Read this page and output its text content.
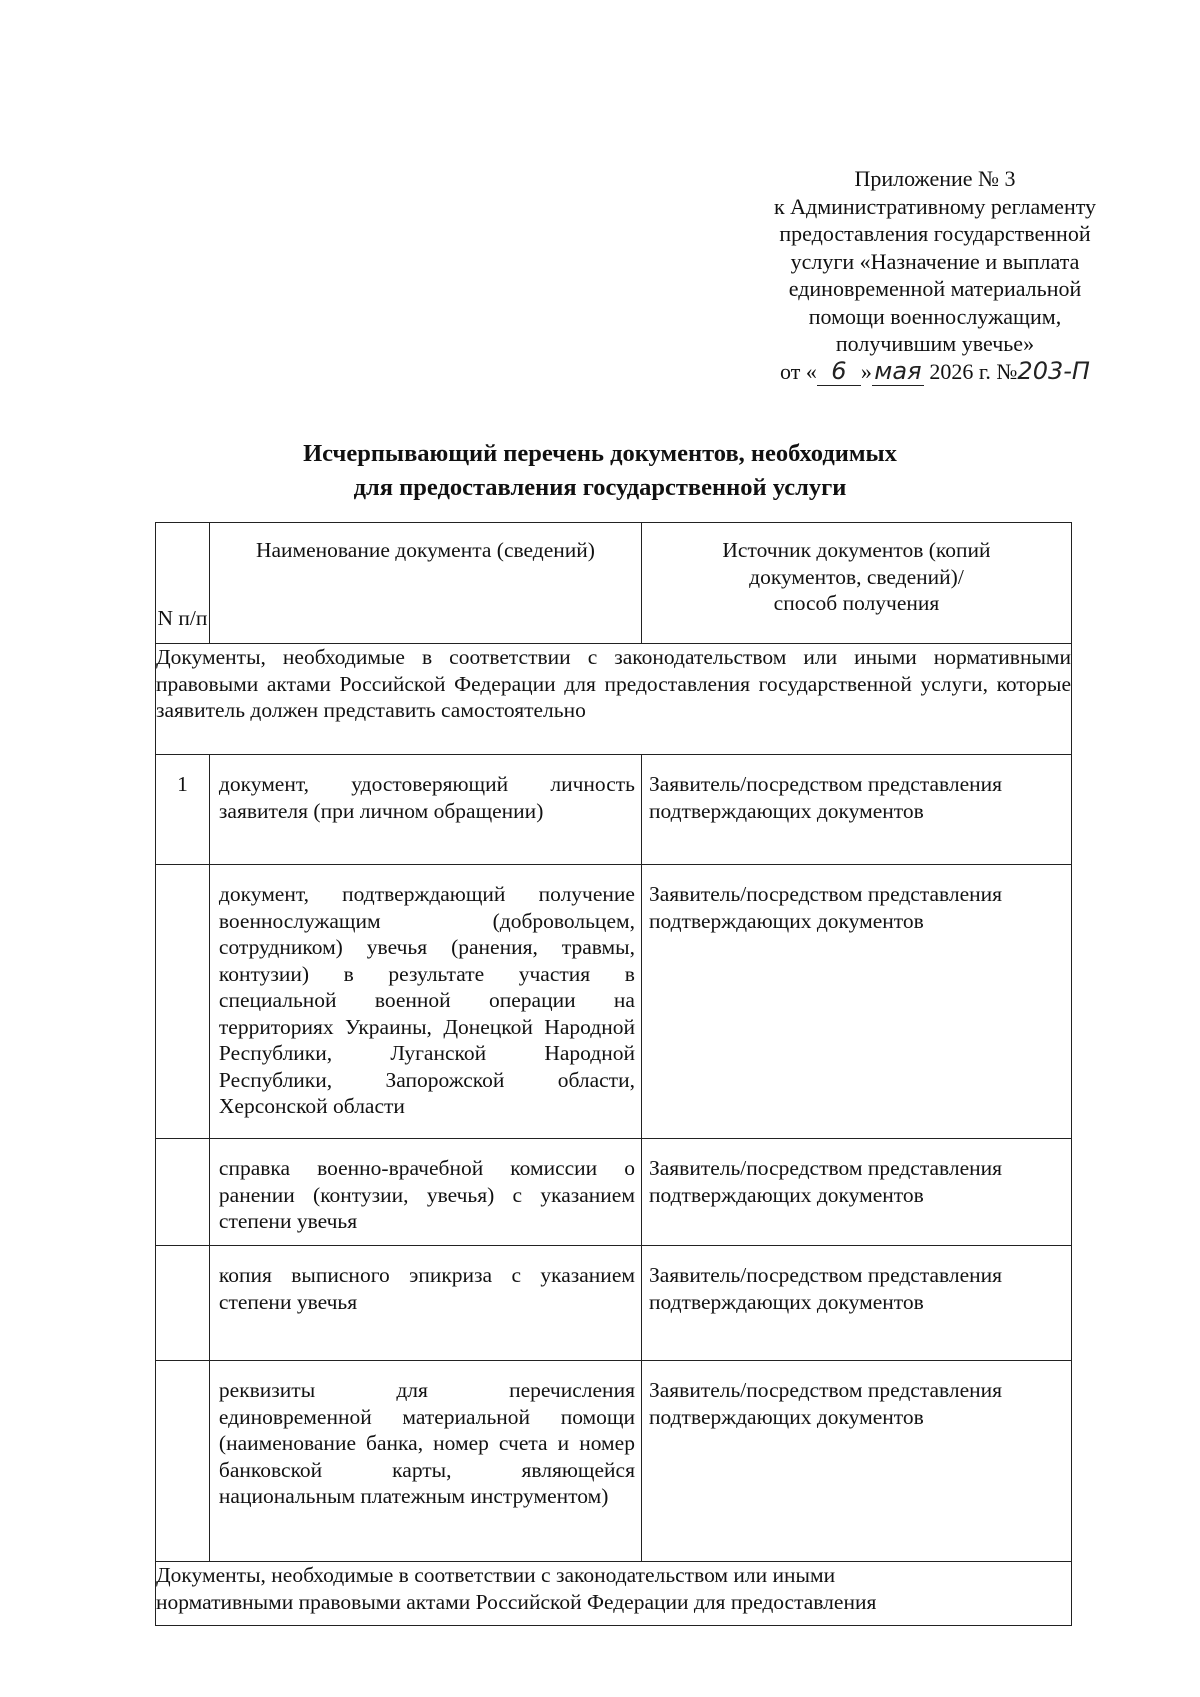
Приложение № 3
к Административному регламенту
предоставления государственной
услуги «Назначение и выплата
единовременной материальной
помощи военнослужащим,
получившим увечье»
от « 6 »мая 2026 г. №203-П
Исчерпывающий перечень документов, необходимых
для предоставления государственной услуги
N п/п	Наименование документа (сведений)	Источник документов (копий
документов, сведений)/
способ получения

Документы, необходимые в соответствии с законодательством или иными нормативными правовыми актами Российской Федерации для предоставления государственной услуги, которые заявитель должен представить самостоятельно		
1	документ, удостоверяющий личность заявителя (при личном обращении)	Заявитель/посредством представления подтверждающих документов
	документ, подтверждающий получение военнослужащим (добровольцем, сотрудником) увечья (ранения, травмы, контузии) в результате участия в специальной военной операции на территориях Украины, Донецкой Народной Республики, Луганской Народной Республики, Запорожской области, Херсонской области	Заявитель/посредством представления подтверждающих документов
	справка военно-врачебной комиссии о ранении (контузии, увечья) с указанием степени увечья	Заявитель/посредством представления подтверждающих документов
	копия выписного эпикриза с указанием степени увечья	Заявитель/посредством представления подтверждающих документов
	реквизиты для перечисления единовременной материальной помощи (наименование банка, номер счета и номер банковской карты, являющейся национальным платежным инструментом)	Заявитель/посредством представления подтверждающих документов

Документы, необходимые в соответствии с законодательством или иными
нормативными правовыми актами Российской Федерации для предоставления		
